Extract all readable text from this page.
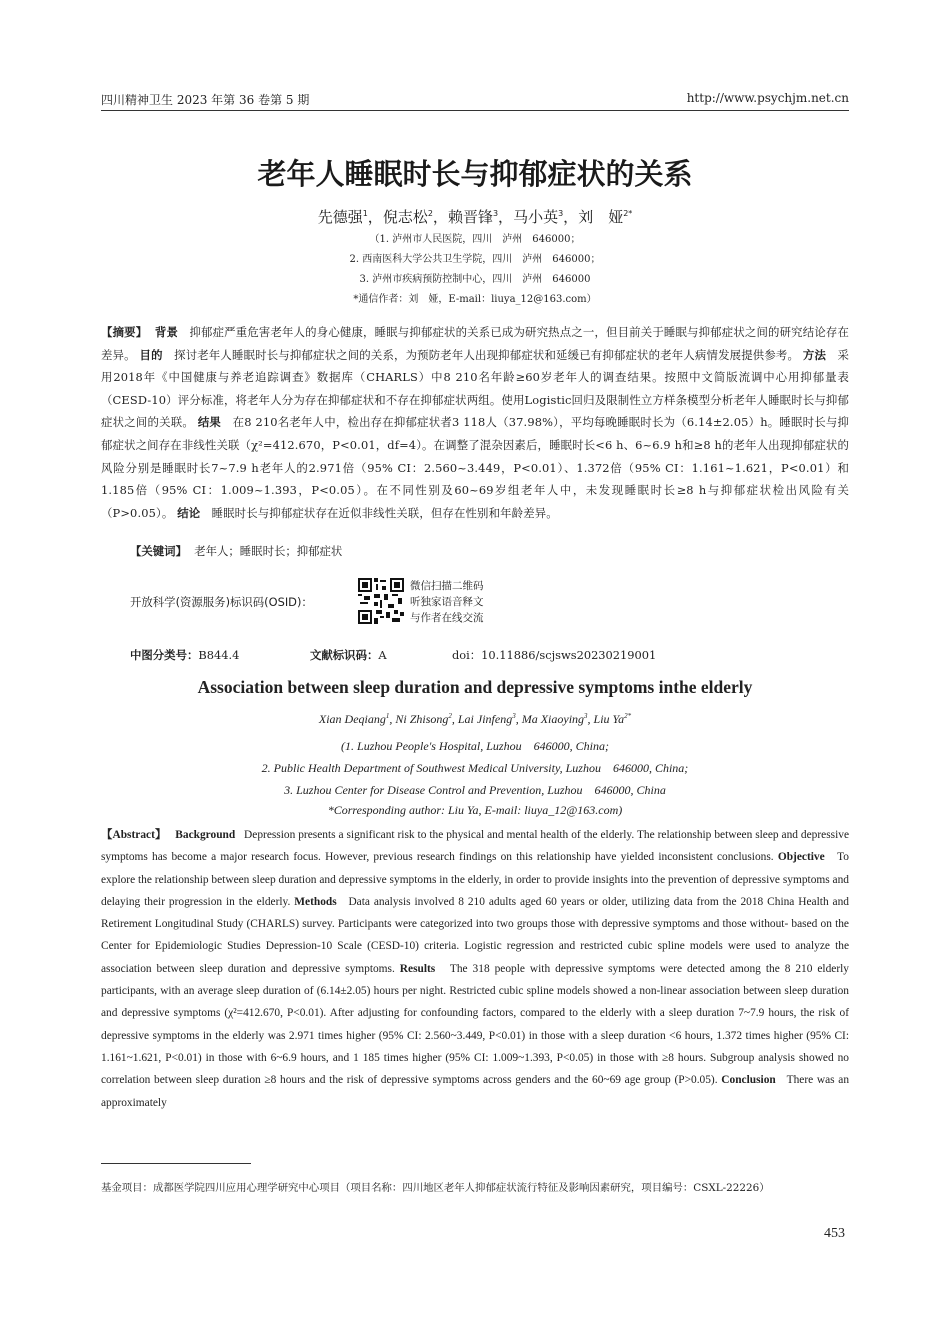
四川精神卫生 2023 年第 36 卷第 5 期	http://www.psychjm.net.cn
老年人睡眠时长与抑郁症状的关系
先德强$^1$，倪志松$^2$，赖晋锋$^3$，马小英$^3$，刘　娅$^{2*}$
（1. 泸州市人民医院，四川　泸州　646000；
2. 西南医科大学公共卫生学院，四川　泸州　646000；
3. 泸州市疾病预防控制中心，四川　泸州　646000
*通信作者：刘　娅，E-mail：liuya_12@163.com）
【摘要】 背景 抑郁症严重危害老年人的身心健康，睡眠与抑郁症状的关系已成为研究热点之一，但目前关于睡眠与抑郁症状之间的研究结论存在差异。 目的 探讨老年人睡眠时长与抑郁症状之间的关系，为预防老年人出现抑郁症状和延缓已有抑郁症状的老年人病情发展提供参考。 方法 采用2018年《中国健康与养老追踪调查》数据库（CHARLS）中8 210名年龄≥60岁老年人的调查结果。按照中文简版流调中心用抑郁量表（CESD-10）评分标准，将老年人分为存在抑郁症状和不存在抑郁症状两组。使用Logistic回归及限制性立方样条模型分析老年人睡眠时长与抑郁症状之间的关联。 结果 在8 210名老年人中，检出存在抑郁症状者3 118人（37.98%），平均每晚睡眠时长为（6.14±2.05）h。睡眠时长与抑郁症状之间存在非线性关联（χ²=412.670，P<0.01，df=4）。在调整了混杂因素后，睡眠时长<6 h、6~6.9 h和≥8 h的老年人出现抑郁症状的风险分别是睡眠时长7~7.9 h老年人的2.971倍（95% CI：2.560~3.449，P<0.01）、1.372倍（95% CI：1.161~1.621，P<0.01）和1.185倍（95% CI：1.009~1.393，P<0.05）。在不同性别及60~69岁组老年人中，未发现睡眠时长≥8 h与抑郁症状检出风险有关（P>0.05）。 结论 睡眠时长与抑郁症状存在近似非线性关联，但存在性别和年龄差异。
【关键词】 老年人；睡眠时长；抑郁症状
开放科学(资源服务)标识码(OSID)：
微信扫描二维码
听独家语音释文
与作者在线交流
中图分类号：B844.4	文献标识码：A	doi：10.11886/scjsws20230219001
Association between sleep duration and depressive symptoms inthe elderly
Xian Deqiang$^1$, Ni Zhisong$^2$, Lai Jinfeng$^3$, Ma Xiaoying$^3$, Liu $Ya^{2*}$
(1. Luzhou People's Hospital, Luzhou　646000, China;
2. Public Health Department of Southwest Medical University, Luzhou　646000, China;
3. Luzhou Center for Disease Control and Prevention, Luzhou　646000, China
*Corresponding author: Liu Ya, E-mail: liuya_12@163.com)
【Abstract】 Background Depression presents a significant risk to the physical and mental health of the elderly. The relationship between sleep and depressive symptoms has become a major research focus. However, previous research findings on this relationship have yielded inconsistent conclusions. Objective To explore the relationship between sleep duration and depressive symptoms in the elderly, in order to provide insights into the prevention of depressive symptoms and delaying their progression in the elderly. Methods Data analysis involved 8 210 adults aged 60 years or older, utilizing data from the 2018 China Health and Retirement Longitudinal Study (CHARLS) survey. Participants were categorized into two groups those with depressive symptoms and those without- based on the Center for Epidemiologic Studies Depression-10 Scale (CESD-10) criteria. Logistic regression and restricted cubic spline models were used to analyze the association between sleep duration and depressive symptoms. Results The 318 people with depressive symptoms were detected among the 8 210 elderly participants, with an average sleep duration of (6.14±2.05) hours per night. Restricted cubic spline models showed a non-linear association between sleep duration and depressive symptoms (χ²=412.670, P<0.01). After adjusting for confounding factors, compared to the elderly with a sleep duration 7~7.9 hours, the risk of depressive symptoms in the elderly was 2.971 times higher (95% CI: 2.560~3.449, P<0.01) in those with a sleep duration <6 hours, 1.372 times higher (95% CI: 1.161~1.621, P<0.01) in those with 6~6.9 hours, and 1 185 times higher (95% CI: 1.009~1.393, P<0.05) in those with ≥8 hours. Subgroup analysis showed no correlation between sleep duration ≥8 hours and the risk of depressive symptoms across genders and the 60~69 age group (P>0.05). Conclusion There was an approximately
基金项目：成都医学院四川应用心理学研究中心项目（项目名称：四川地区老年人抑郁症状流行特征及影响因素研究，项目编号：CSXL-22226）
453
